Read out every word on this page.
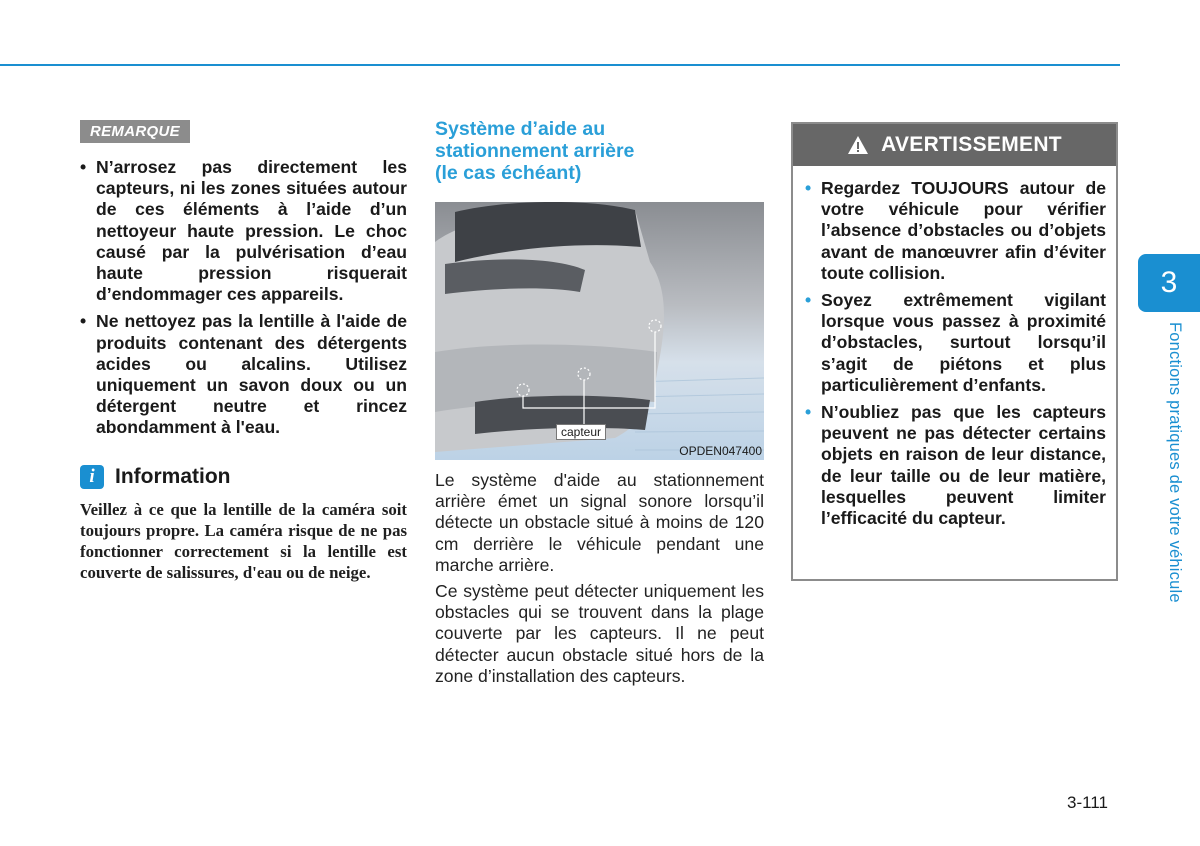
REMARQUE
• N’arrosez pas directement les capteurs, ni les zones situées autour de ces éléments à l’aide d’un nettoyeur haute pression. Le choc causé par la pulvérisation d’eau haute pression risquerait d’endommager ces appareils.
• Ne nettoyez pas la lentille à l'aide de produits contenant des détergents acides ou alcalins. Utilisez uniquement un savon doux ou un détergent neutre et rincez abondamment à l'eau.
i Information
Veillez à ce que la lentille de la caméra soit toujours propre. La caméra risque de ne pas fonctionner correctement si la lentille est couverte de salissures, d'eau ou de neige.
Système d’aide au
stationnement arrière
(le cas échéant)
capteur
OPDEN047400

Le système d'aide au stationnement arrière émet un signal sonore lorsqu’il détecte un obstacle situé à moins de 120 cm derrière le véhicule pendant une marche arrière.

Ce système peut détecter uniquement les obstacles qui se trouvent dans la plage couverte par les capteurs. Il ne peut détecter aucun obstacle situé hors de la zone d’installation des capteurs.

AVERTISSEMENT
• Regardez TOUJOURS autour de votre véhicule pour vérifier l’absence d’obstacles ou d’objets avant de manœuvrer afin d’éviter toute collision.
• Soyez extrêmement vigilant lorsque vous passez à proximité d’obstacles, surtout lorsqu’il s’agit de piétons et plus particulièrement d’enfants.
• N’oubliez pas que les capteurs peuvent ne pas détecter certains objets en raison de leur distance, de leur taille ou de leur matière, lesquelles peuvent limiter l’efficacité du capteur.
3
Fonctions pratiques de votre véhicule
3-111
